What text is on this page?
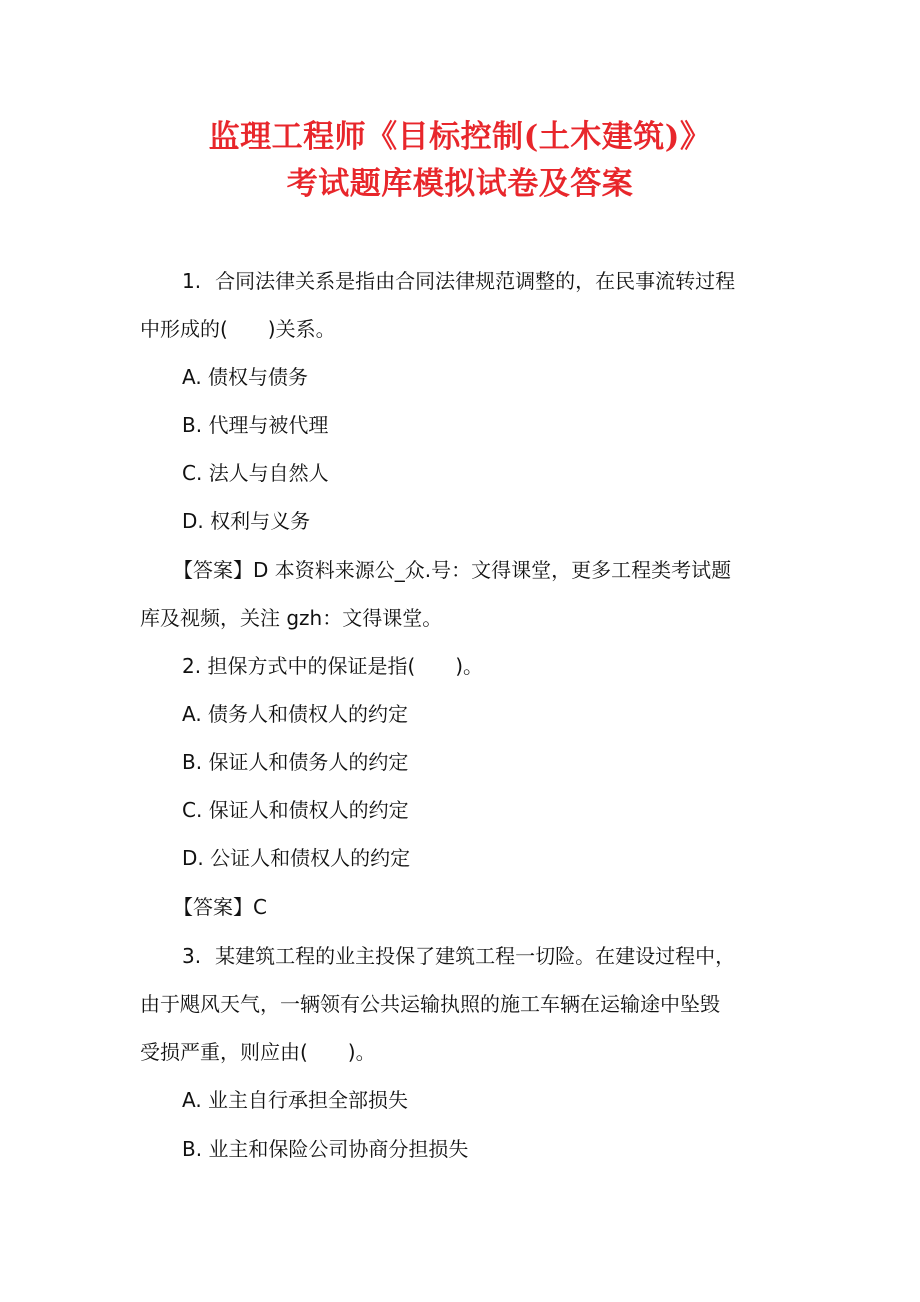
监理工程师《目标控制(土木建筑)》
考试题库模拟试卷及答案
1. 合同法律关系是指由合同法律规范调整的，在民事流转过程
中形成的(　　)关系。
A. 债权与债务
B. 代理与被代理
C. 法人与自然人
D. 权利与义务
【答案】D 本资料来源公_众.号：文得课堂，更多工程类考试题
库及视频，关注 gzh：文得课堂。
2. 担保方式中的保证是指(　　)。
A. 债务人和债权人的约定
B. 保证人和债务人的约定
C. 保证人和债权人的约定
D. 公证人和债权人的约定
【答案】C
3. 某建筑工程的业主投保了建筑工程一切险。在建设过程中，
由于飓风天气，一辆领有公共运输执照的施工车辆在运输途中坠毁
受损严重，则应由(　　)。
A. 业主自行承担全部损失
B. 业主和保险公司协商分担损失
